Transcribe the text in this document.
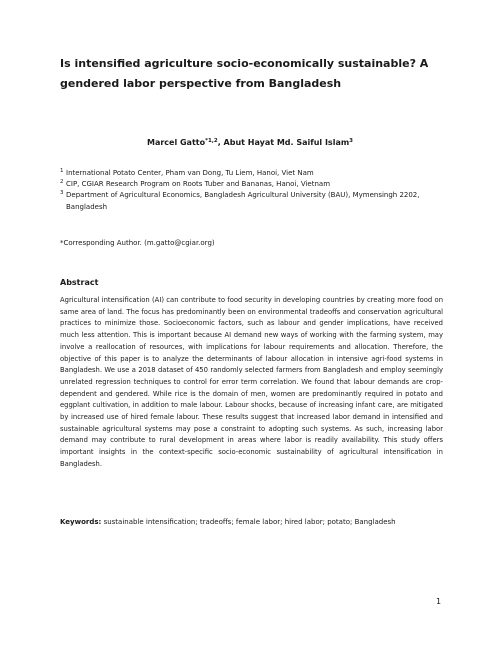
Is intensified agriculture socio-economically sustainable? A gendered labor perspective from Bangladesh
Marcel Gatto$^{*1,2}$, Abut Hayat Md. Saiful Islam$^3$

1 International Potato Center, Pham van Dong, Tu Liem, Hanoi, Viet Nam

2 CIP, CGIAR Research Program on Roots Tuber and Bananas, Hanoi, Vietnam

3 Department of Agricultural Economics, Bangladesh Agricultural University (BAU), Mymensingh 2202, Bangladesh

*Corresponding Author. (m.gatto@cgiar.org)
Abstract

Agricultural intensification (AI) can contribute to food security in developing countries by creating more food on same area of land. The focus has predominantly been on environmental tradeoffs and conservation agricultural practices to minimize those. Socioeconomic factors, such as labour and gender implications, have received much less attention. This is important because AI demand new ways of working with the farming system, may involve a reallocation of resources, with implications for labour requirements and allocation. Therefore, the objective of this paper is to analyze the determinants of labour allocation in intensive agri-food systems in Bangladesh. We use a 2018 dataset of 450 randomly selected farmers from Bangladesh and employ seemingly unrelated regression techniques to control for error term correlation. We found that labour demands are crop-dependent and gendered. While rice is the domain of men, women are predominantly required in potato and eggplant cultivation, in addition to male labour. Labour shocks, because of increasing infant care, are mitigated by increased use of hired female labour. These results suggest that increased labor demand in intensified and sustainable agricultural systems may pose a constraint to adopting such systems. As such, increasing labor demand may contribute to rural development in areas where labor is readily availability. This study offers important insights in the context-specific socio-economic sustainability of agricultural intensification in Bangladesh.

Keywords: sustainable intensification; tradeoffs; female labor; hired labor; potato; Bangladesh

1
